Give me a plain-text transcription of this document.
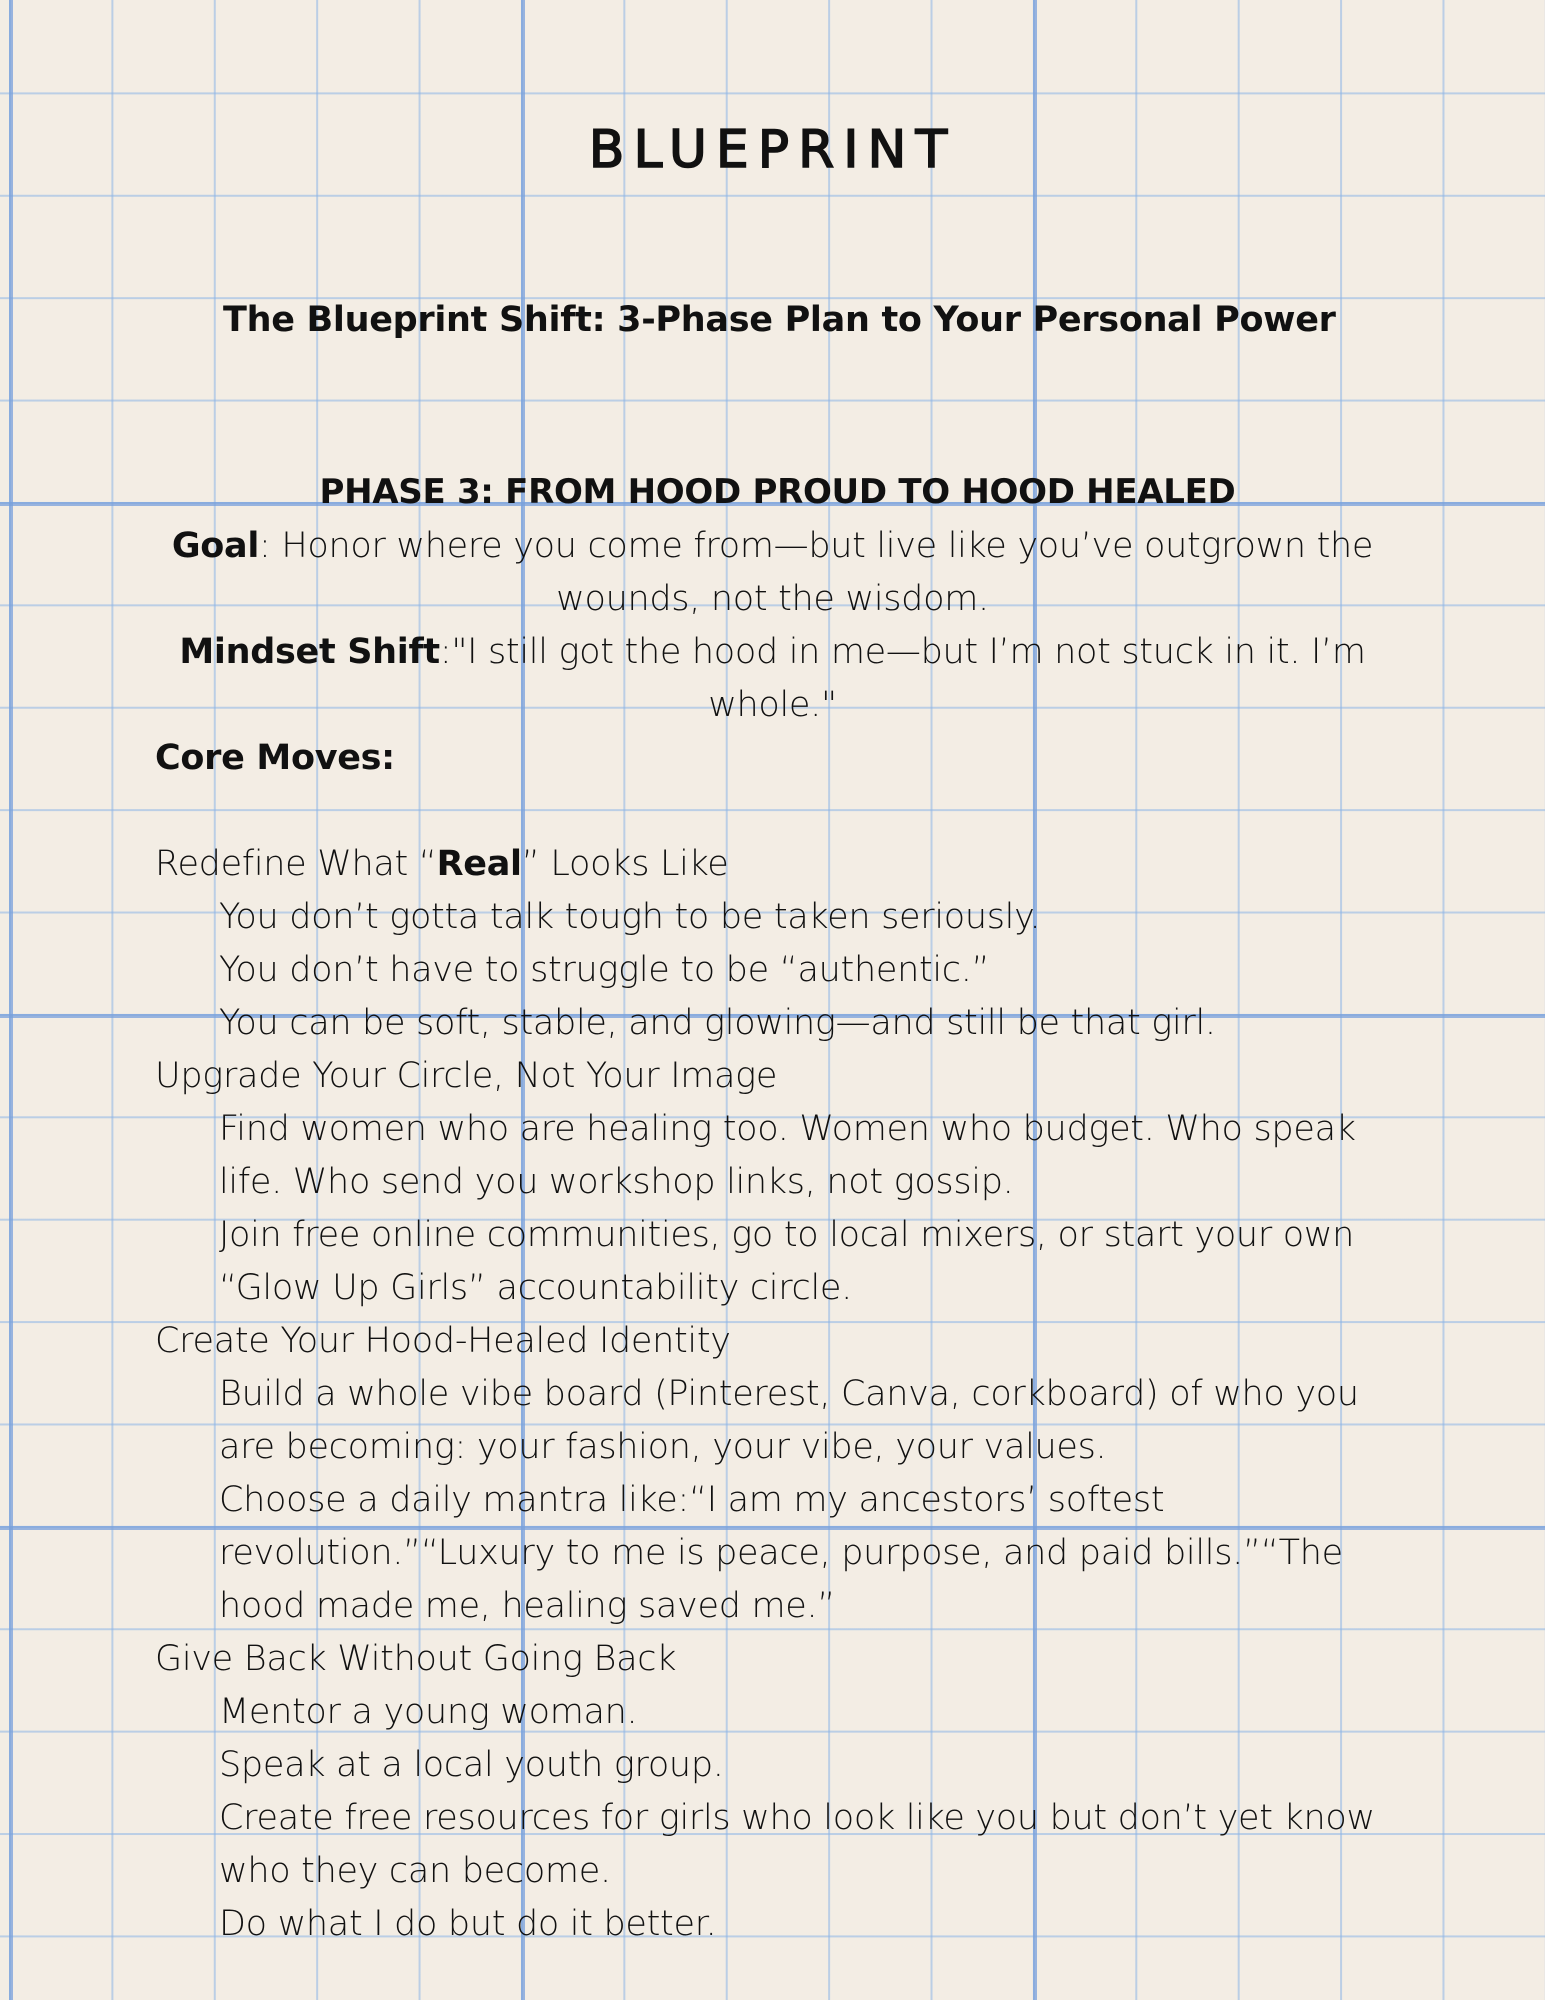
BLUEPRINT
The Blueprint Shift: 3-Phase Plan to Your Personal Power
PHASE 3: FROM HOOD PROUD TO HOOD HEALED
Goal: Honor where you come from—but live like you’ve outgrown the wounds, not the wisdom.
Mindset Shift:"I still got the hood in me—but I’m not stuck in it. I’m whole."
Core Moves:
Redefine What “Real” Looks Like
You don’t gotta talk tough to be taken seriously.
You don’t have to struggle to be “authentic.”
You can be soft, stable, and glowing—and still be that girl.
Upgrade Your Circle, Not Your Image
Find women who are healing too. Women who budget. Who speak life. Who send you workshop links, not gossip.
Join free online communities, go to local mixers, or start your own “Glow Up Girls” accountability circle.
Create Your Hood-Healed Identity
Build a whole vibe board (Pinterest, Canva, corkboard) of who you are becoming: your fashion, your vibe, your values.
Choose a daily mantra like:“I am my ancestors’ softest revolution.”“Luxury to me is peace, purpose, and paid bills.”“The hood made me, healing saved me.”
Give Back Without Going Back
Mentor a young woman.
Speak at a local youth group.
Create free resources for girls who look like you but don’t yet know who they can become.
Do what I do but do it better.
